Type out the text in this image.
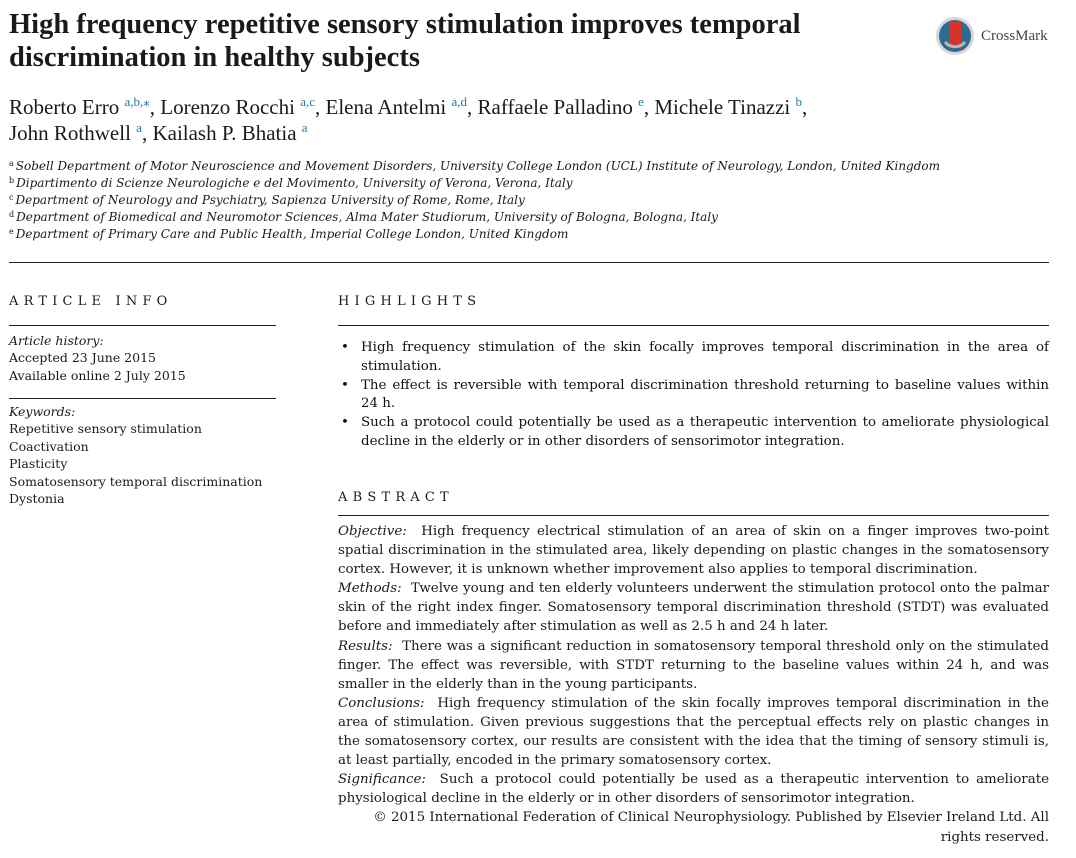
High frequency repetitive sensory stimulation improves temporal discrimination in healthy subjects
CrossMark
Roberto Erro $^{a,b,⁎}$, Lorenzo Rocchi $^{a,c}$, Elena Antelmi $^{a,d}$, Raffaele Palladino $^e$, Michele Tinazzi $^b$,
John Rothwell $^a$, Kailash P. Bhatia $^a$
$^a$ Sobell Department of Motor Neuroscience and Movement Disorders, University College London (UCL) Institute of Neurology, London, United Kingdom
$^b$ Dipartimento di Scienze Neurologiche e del Movimento, University of Verona, Verona, Italy
$^c$ Department of Neurology and Psychiatry, Sapienza University of Rome, Rome, Italy
$^d$ Department of Biomedical and Neuromotor Sciences, Alma Mater Studiorum, University of Bologna, Bologna, Italy
$^e$ Department of Primary Care and Public Health, Imperial College London, United Kingdom
ARTICLE INFO
Article history:
Accepted 23 June 2015
Available online 2 July 2015
Keywords:
Repetitive sensory stimulation
Coactivation
Plasticity
Somatosensory temporal discrimination
Dystonia
HIGHLIGHTS
• High frequency stimulation of the skin focally improves temporal discrimination in the area of stimulation.
• The effect is reversible with temporal discrimination threshold returning to baseline values within 24 h.
• Such a protocol could potentially be used as a therapeutic intervention to ameliorate physiological decline in the elderly or in other disorders of sensorimotor integration.
ABSTRACT

Objective: High frequency electrical stimulation of an area of skin on a finger improves two-point spatial discrimination in the stimulated area, likely depending on plastic changes in the somatosensory cortex. However, it is unknown whether improvement also applies to temporal discrimination.

Methods: Twelve young and ten elderly volunteers underwent the stimulation protocol onto the palmar skin of the right index finger. Somatosensory temporal discrimination threshold (STDT) was evaluated before and immediately after stimulation as well as 2.5 h and 24 h later.

Results: There was a significant reduction in somatosensory temporal threshold only on the stimulated finger. The effect was reversible, with STDT returning to the baseline values within 24 h, and was smaller in the elderly than in the young participants.

Conclusions: High frequency stimulation of the skin focally improves temporal discrimination in the area of stimulation. Given previous suggestions that the perceptual effects rely on plastic changes in the somatosensory cortex, our results are consistent with the idea that the timing of sensory stimuli is, at least partially, encoded in the primary somatosensory cortex.

Significance: Such a protocol could potentially be used as a therapeutic intervention to ameliorate physiological decline in the elderly or in other disorders of sensorimotor integration.

© 2015 International Federation of Clinical Neurophysiology. Published by Elsevier Ireland Ltd. All rights reserved.
